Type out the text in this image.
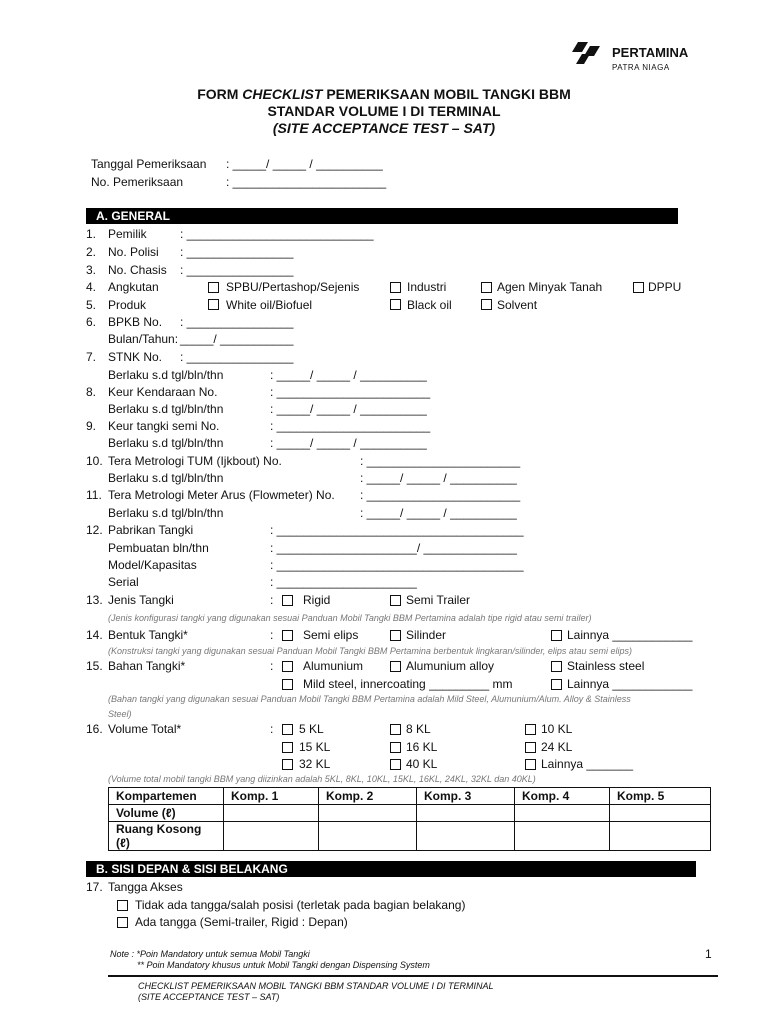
PERTAMINA
PATRA NIAGA
FORM CHECKLIST PEMERIKSAAN MOBIL TANGKI BBM
STANDAR VOLUME I DI TERMINAL
(SITE ACCEPTANCE TEST – SAT)
Tanggal Pemeriksaan : _____/ _____ / __________
No. Pemeriksaan	: _______________________
A. GENERAL
1. Pemilik	: ____________________________
2. No. Polisi : ________________
3. No. Chasis : ________________
4. Angkutan	SPBU/Pertashop/Sejenis	Industri	Agen Minyak Tanah	DPPU
5. Produk	White oil/Biofuel	Black oil	Solvent
6. BPKB No. : ________________
Bulan/Tahun: _____/ ___________
7. STNK No. : ________________
Berlaku s.d tgl/bln/thn	: _____/ _____ / __________
8. Keur Kendaraan No.	: _______________________
Berlaku s.d tgl/bln/thn	: _____/ _____ / __________
9. Keur tangki semi No.	: _______________________
Berlaku s.d tgl/bln/thn	: _____/ _____ / __________
10. Tera Metrologi TUM (Ijkbout) No.	: _______________________
Berlaku s.d tgl/bln/thn	: _____/ _____ / __________
11. Tera Metrologi Meter Arus (Flowmeter) No. : _______________________
Berlaku s.d tgl/bln/thn	: _____/ _____ / __________
12. Pabrikan Tangki	: _____________________________________
Pembuatan bln/thn	: _____________________/ ______________
Model/Kapasitas	: _____________________________________
Serial	: _____________________
13. Jenis Tangki	: Rigid	Semi Trailer
(Jenis konfigurasi tangki yang digunakan sesuai Panduan Mobil Tangki BBM Pertamina adalah tipe rigid atau semi trailer)
14. Bentuk Tangki*	: Semi elips	Silinder	Lainnya ____________
(Konstruksi tangki yang digunakan sesuai Panduan Mobil Tangki BBM Pertamina berbentuk lingkaran/silinder, elips atau semi elips)
15. Bahan Tangki*	: Alumunium	Alumunium alloy	Stainless steel
Mild steel, innercoating _________ mm	Lainnya ____________
(Bahan tangki yang digunakan sesuai Panduan Mobil Tangki BBM Pertamina adalah Mild Steel, Alumunium/Alum. Alloy & Stainless
Steel)
16. Volume Total*	: 5 KL	8 KL	10 KL
15 KL	16 KL	24 KL
32 KL	40 KL	Lainnya _______
(Volume total mobil tangki BBM yang diizinkan adalah 5KL, 8KL, 10KL, 15KL, 16KL, 24KL, 32KL dan 40KL)
Kompartemen	Komp. 1	Komp. 2	Komp. 3	Komp. 4	Komp. 5
Volume (ℓ)					
Ruang Kosong (ℓ)					
B. SISI DEPAN & SISI BELAKANG
17. Tangga Akses
Tidak ada tangga/salah posisi (terletak pada bagian belakang)
Ada tangga (Semi-trailer, Rigid : Depan)
Note : *Poin Mandatory untuk semua Mobil Tangki
** Poin Mandatory khusus untuk Mobil Tangki dengan Dispensing System
1
CHECKLIST PEMERIKSAAN MOBIL TANGKI BBM STANDAR VOLUME I DI TERMINAL
(SITE ACCEPTANCE TEST – SAT)
